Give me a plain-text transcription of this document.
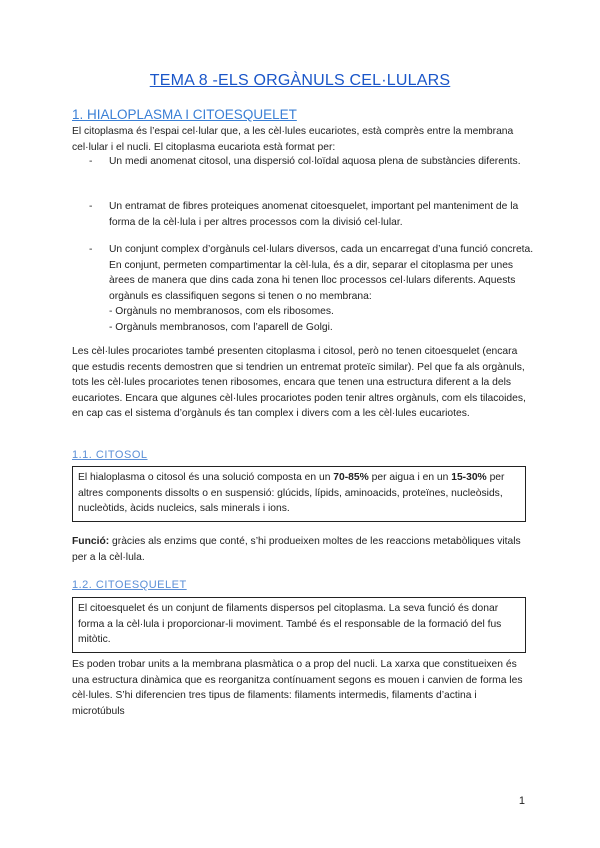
TEMA 8 -ELS ORGÀNULS CEL·LULARS
1. HIALOPLASMA I CITOESQUELET

El citoplasma és l’espai cel·lular que, a les cèl·lules eucariotes, està comprès entre la membrana cel·lular i el nucli. El citoplasma eucariota està format per:

- Un medi anomenat citosol, una dispersió col·loïdal aquosa plena de substàncies diferents.
- Un entramat de fibres proteiques anomenat citoesquelet, important pel manteniment de la forma de la cèl·lula i per altres processos com la divisió cel·lular.
- Un conjunt complex d’orgànuls cel·lulars diversos, cada un encarregat d’una funció concreta. En conjunt, permeten compartimentar la cèl·lula, és a dir, separar el citoplasma per unes àrees de manera que dins cada zona hi tenen lloc processos cel·lulars diferents. Aquests orgànuls es classifiquen segons si tenen o no membrana:
- Orgànuls no membranosos, com els ribosomes.
- Orgànuls membranosos, com l’aparell de Golgi.

Les cèl·lules procariotes també presenten citoplasma i citosol, però no tenen citoesquelet (encara que estudis recents demostren que si tendrien un entremat proteïc similar). Pel que fa als orgànuls, tots les cèl·lules procariotes tenen ribosomes, encara que tenen una estructura diferent a la dels eucariotes. Encara que algunes cèl·lules procariotes poden tenir altres orgànuls, com els tilacoides, en cap cas el sistema d’orgànuls és tan complex i divers com a les cèl·lules eucariotes.

1.1. CITOSOL
El hialoplasma o citosol és una solució composta en un 70-85% per aigua i en un 15-30% per altres components dissolts o en suspensió: glúcids, lípids, aminoacids, proteïnes, nucleòsids, nucleòtids, àcids nucleics, sals minerals i ions.

Funció: gràcies als enzims que conté, s’hi produeixen moltes de les reaccions metabòliques vitals per a la cèl·lula.

1.2. CITOESQUELET
El citoesquelet és un conjunt de filaments dispersos pel citoplasma. La seva funció és donar forma a la cèl·lula i proporcionar-li moviment. També és el responsable de la formació del fus mitòtic.

Es poden trobar units a la membrana plasmàtica o a prop del nucli. La xarxa que constitueixen és una estructura dinàmica que es reorganitza contínuament segons es mouen i canvien de forma les cèl·lules. S’hi diferencien tres tipus de filaments: filaments intermedis, filaments d’actina i microtúbuls

1
